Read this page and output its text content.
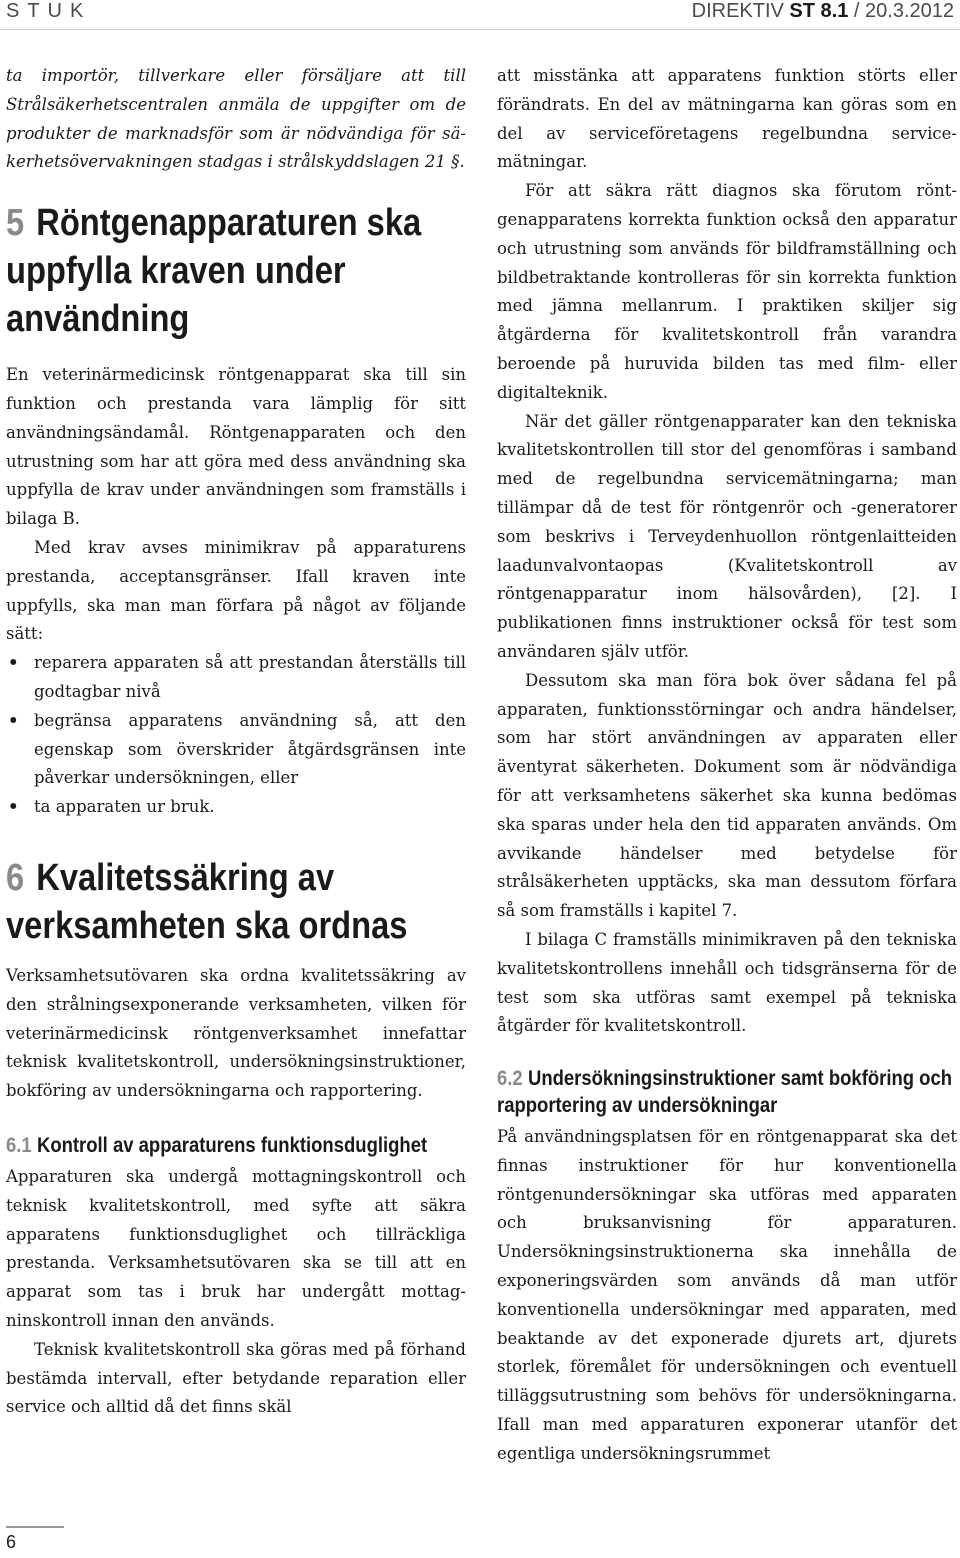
STUK	DIREKTIV ST 8.1 / 20.3.2012

ta importör, tillverkare eller försäljare att till Strålsäkerhetscentralen anmäla de uppgifter om de produkter de marknadsför som är nödvändiga för säkerhetsövervakningen stadgas i strålskyddslagen 21 §.

5 Röntgenapparaturen ska uppfylla kraven under användning

En veterinärmedicinsk röntgenapparat ska till sin funktion och prestanda vara lämplig för sitt användningsändamål. Röntgenapparaten och den utrustning som har att göra med dess användning ska uppfylla de krav under användningen som framställs i bilaga B.

Med krav avses minimikrav på apparaturens prestanda, acceptansgränser. Ifall kraven inte uppfylls, ska man man förfara på något av följande sätt:

• reparera apparaten så att prestandan återställs till godtagbar nivå
• begränsa apparatens användning så, att den egenskap som överskrider åtgärdsgränsen inte påverkar undersökningen, eller
• ta apparaten ur bruk.
6 Kvalitetssäkring av verksamheten ska ordnas

Verksamhetsutövaren ska ordna kvalitetssäkring av den strålningsexponerande verksamheten, vilken för veterinärmedicinsk röntgenverksamhet innefattar teknisk kvalitetskontroll, undersökningsinstruktioner, bokföring av undersökningarna och rapportering.

6.1 Kontroll av apparaturens funktionsduglighet

Apparaturen ska undergå mottagningskontroll och teknisk kvalitetskontroll, med syfte att säkra apparatens funktionsduglighet och tillräckliga prestanda. Verksamhetsutövaren ska se till att en apparat som tas i bruk har undergått mottagninskontroll innan den används.

Teknisk kvalitetskontroll ska göras med på förhand bestämda intervall, efter betydande reparation eller service och alltid då det finns skäl

att misstänka att apparatens funktion störts eller förändrats. En del av mätningarna kan göras som en del av serviceföretagens regelbundna servicemätningar.

För att säkra rätt diagnos ska förutom röntgenapparatens korrekta funktion också den apparatur och utrustning som används för bildframställning och bildbetraktande kontrolleras för sin korrekta funktion med jämna mellanrum. I praktiken skiljer sig åtgärderna för kvalitetskontroll från varandra beroende på huruvida bilden tas med film- eller digitalteknik.

När det gäller röntgenapparater kan den tekniska kvalitetskontrollen till stor del genomföras i samband med de regelbundna servicemätningarna; man tillämpar då de test för röntgenrör och -generatorer som beskrivs i Terveydenhuollon röntgenlaitteiden laadunvalvontaopas (Kvalitetskontroll av röntgenapparatur inom hälsovården), [2]. I publikationen finns instruktioner också för test som användaren själv utför.

Dessutom ska man föra bok över sådana fel på apparaten, funktionsstörningar och andra händelser, som har stört användningen av apparaten eller äventyrat säkerheten. Dokument som är nödvändiga för att verksamhetens säkerhet ska kunna bedömas ska sparas under hela den tid apparaten används. Om avvikande händelser med betydelse för strålsäkerheten upptäcks, ska man dessutom förfara så som framställs i kapitel 7.

I bilaga C framställs minimikraven på den tekniska kvalitetskontrollens innehåll och tidsgränserna för de test som ska utföras samt exempel på tekniska åtgärder för kvalitetskontroll.

6.2 Undersökningsinstruktioner samt bokföring och rapportering av undersökningar

På användningsplatsen för en röntgenapparat ska det finnas instruktioner för hur konventionella röntgenundersökningar ska utföras med apparaten och bruksanvisning för apparaturen. Undersökningsinstruktionerna ska innehålla de exponeringsvärden som används då man utför konventionella undersökningar med apparaten, med beaktande av det exponerade djurets art, djurets storlek, föremålet för undersökningen och eventuell tilläggsutrustning som behövs för undersökningarna. Ifall man med apparaturen exponerar utanför det egentliga undersökningsrummet

6
